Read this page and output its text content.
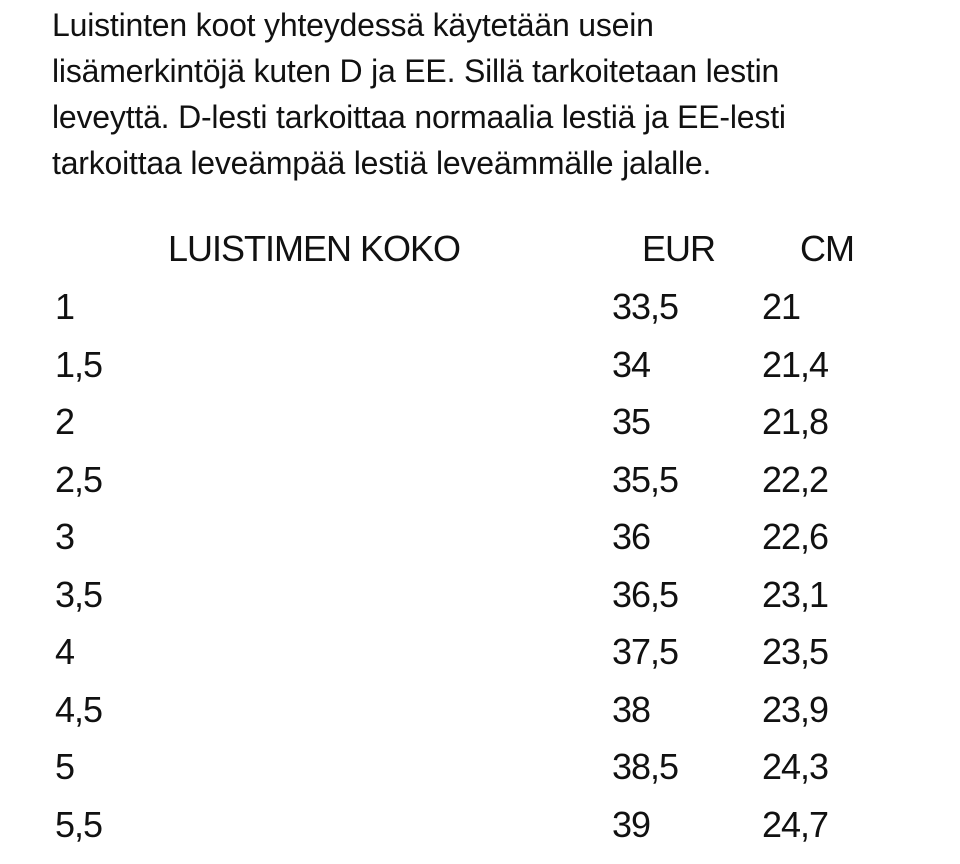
Luistinten koot yhteydessä käytetään usein
lisämerkintöjä kuten D ja EE. Sillä tarkoitetaan lestin
leveyttä. D-lesti tarkoittaa normaalia lestiä ja EE-lesti
tarkoittaa leveämpää lestiä leveämmälle jalalle.
LUISTIMEN KOKO	EUR CM
1	33,5 21
1,5	34	21,4
2	35	21,8
2,5	35,5 22,2
3	36	22,6
3,5	36,5 23,1
4	37,5 23,5
4,5	38	23,9
5	38,5 24,3
5,5	39	24,7
